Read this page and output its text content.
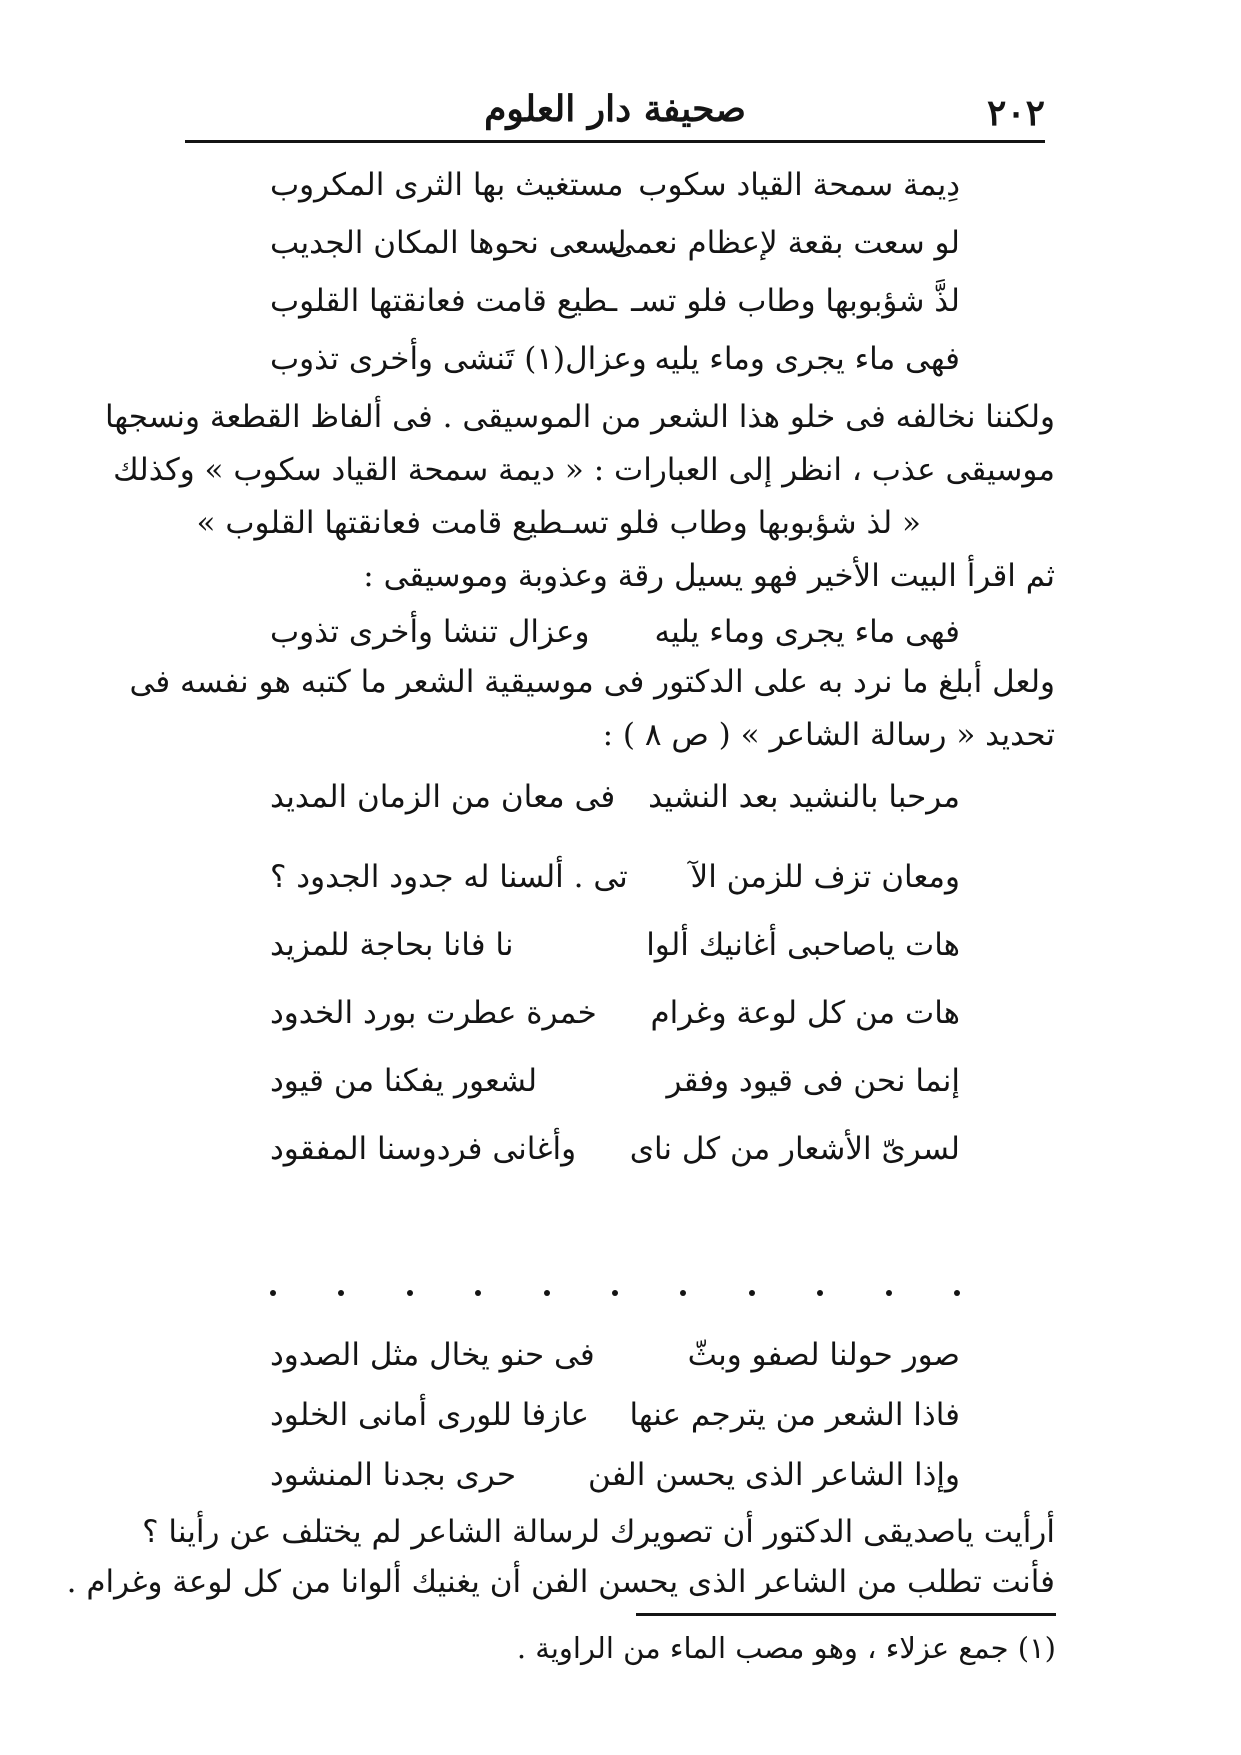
٢٠٢
صحيفة دار العلوم
دِيمة سمحة القياد سكوب
مستغيث بها الثرى المكروب
لو سعت بقعة لإعظام نعمى
لسعى نحوها المكان الجديب
لذَّ شؤبوبها وطاب فلو تسـ
ـطيع قامت فعانقتها القلوب
فهى ماء يجرى وماء يليه
وعزال(١) تَنشى وأخرى تذوب
ولكننا نخالفه فى خلو هذا الشعر من الموسيقى . فى ألفاظ القطعة ونسجها
موسيقى عذب ، انظر إلى العبارات : « ديمة سمحة القياد سكوب » وكذلك
« لذ شؤبوبها وطاب فلو تسـطيع قامت فعانقتها القلوب »
ثم اقرأ البيت الأخير فهو يسيل رقة وعذوبة وموسيقى :
فهى ماء يجرى وماء يليه
وعزال تنشا وأخرى تذوب
ولعل أبلغ ما نرد به على الدكتور فى موسيقية الشعر ما كتبه هو نفسه فى
تحديد « رسالة الشاعر » ( ص ٨ ) :
مرحبا بالنشيد بعد النشيد
فى معان من الزمان المديد
ومعان تزف للزمن الآ
تى . ألسنا له جدود الجدود ؟
هات ياصاحبى أغانيك ألوا
نا فانا بحاجة للمزيد
هات من كل لوعة وغرام
خمرة عطرت بورد الخدود
إنما نحن فى قيود وفقر
لشعور يفكنا من قيود
لسرىّ الأشعار من كل ناى
وأغانى فردوسنا المفقود
صور حولنا لصفو وبثّ
فى حنو يخال مثل الصدود
فاذا الشعر من يترجم عنها
عازفا للورى أمانى الخلود
وإذا الشاعر الذى يحسن الفن
حرى بجدنا المنشود
أرأيت ياصديقى الدكتور أن تصويرك لرسالة الشاعر لم يختلف عن رأينا ؟
فأنت تطلب من الشاعر الذى يحسن الفن أن يغنيك ألوانا من كل لوعة وغرام .
(١) جمع عزلاء ، وهو مصب الماء من الراوية .
